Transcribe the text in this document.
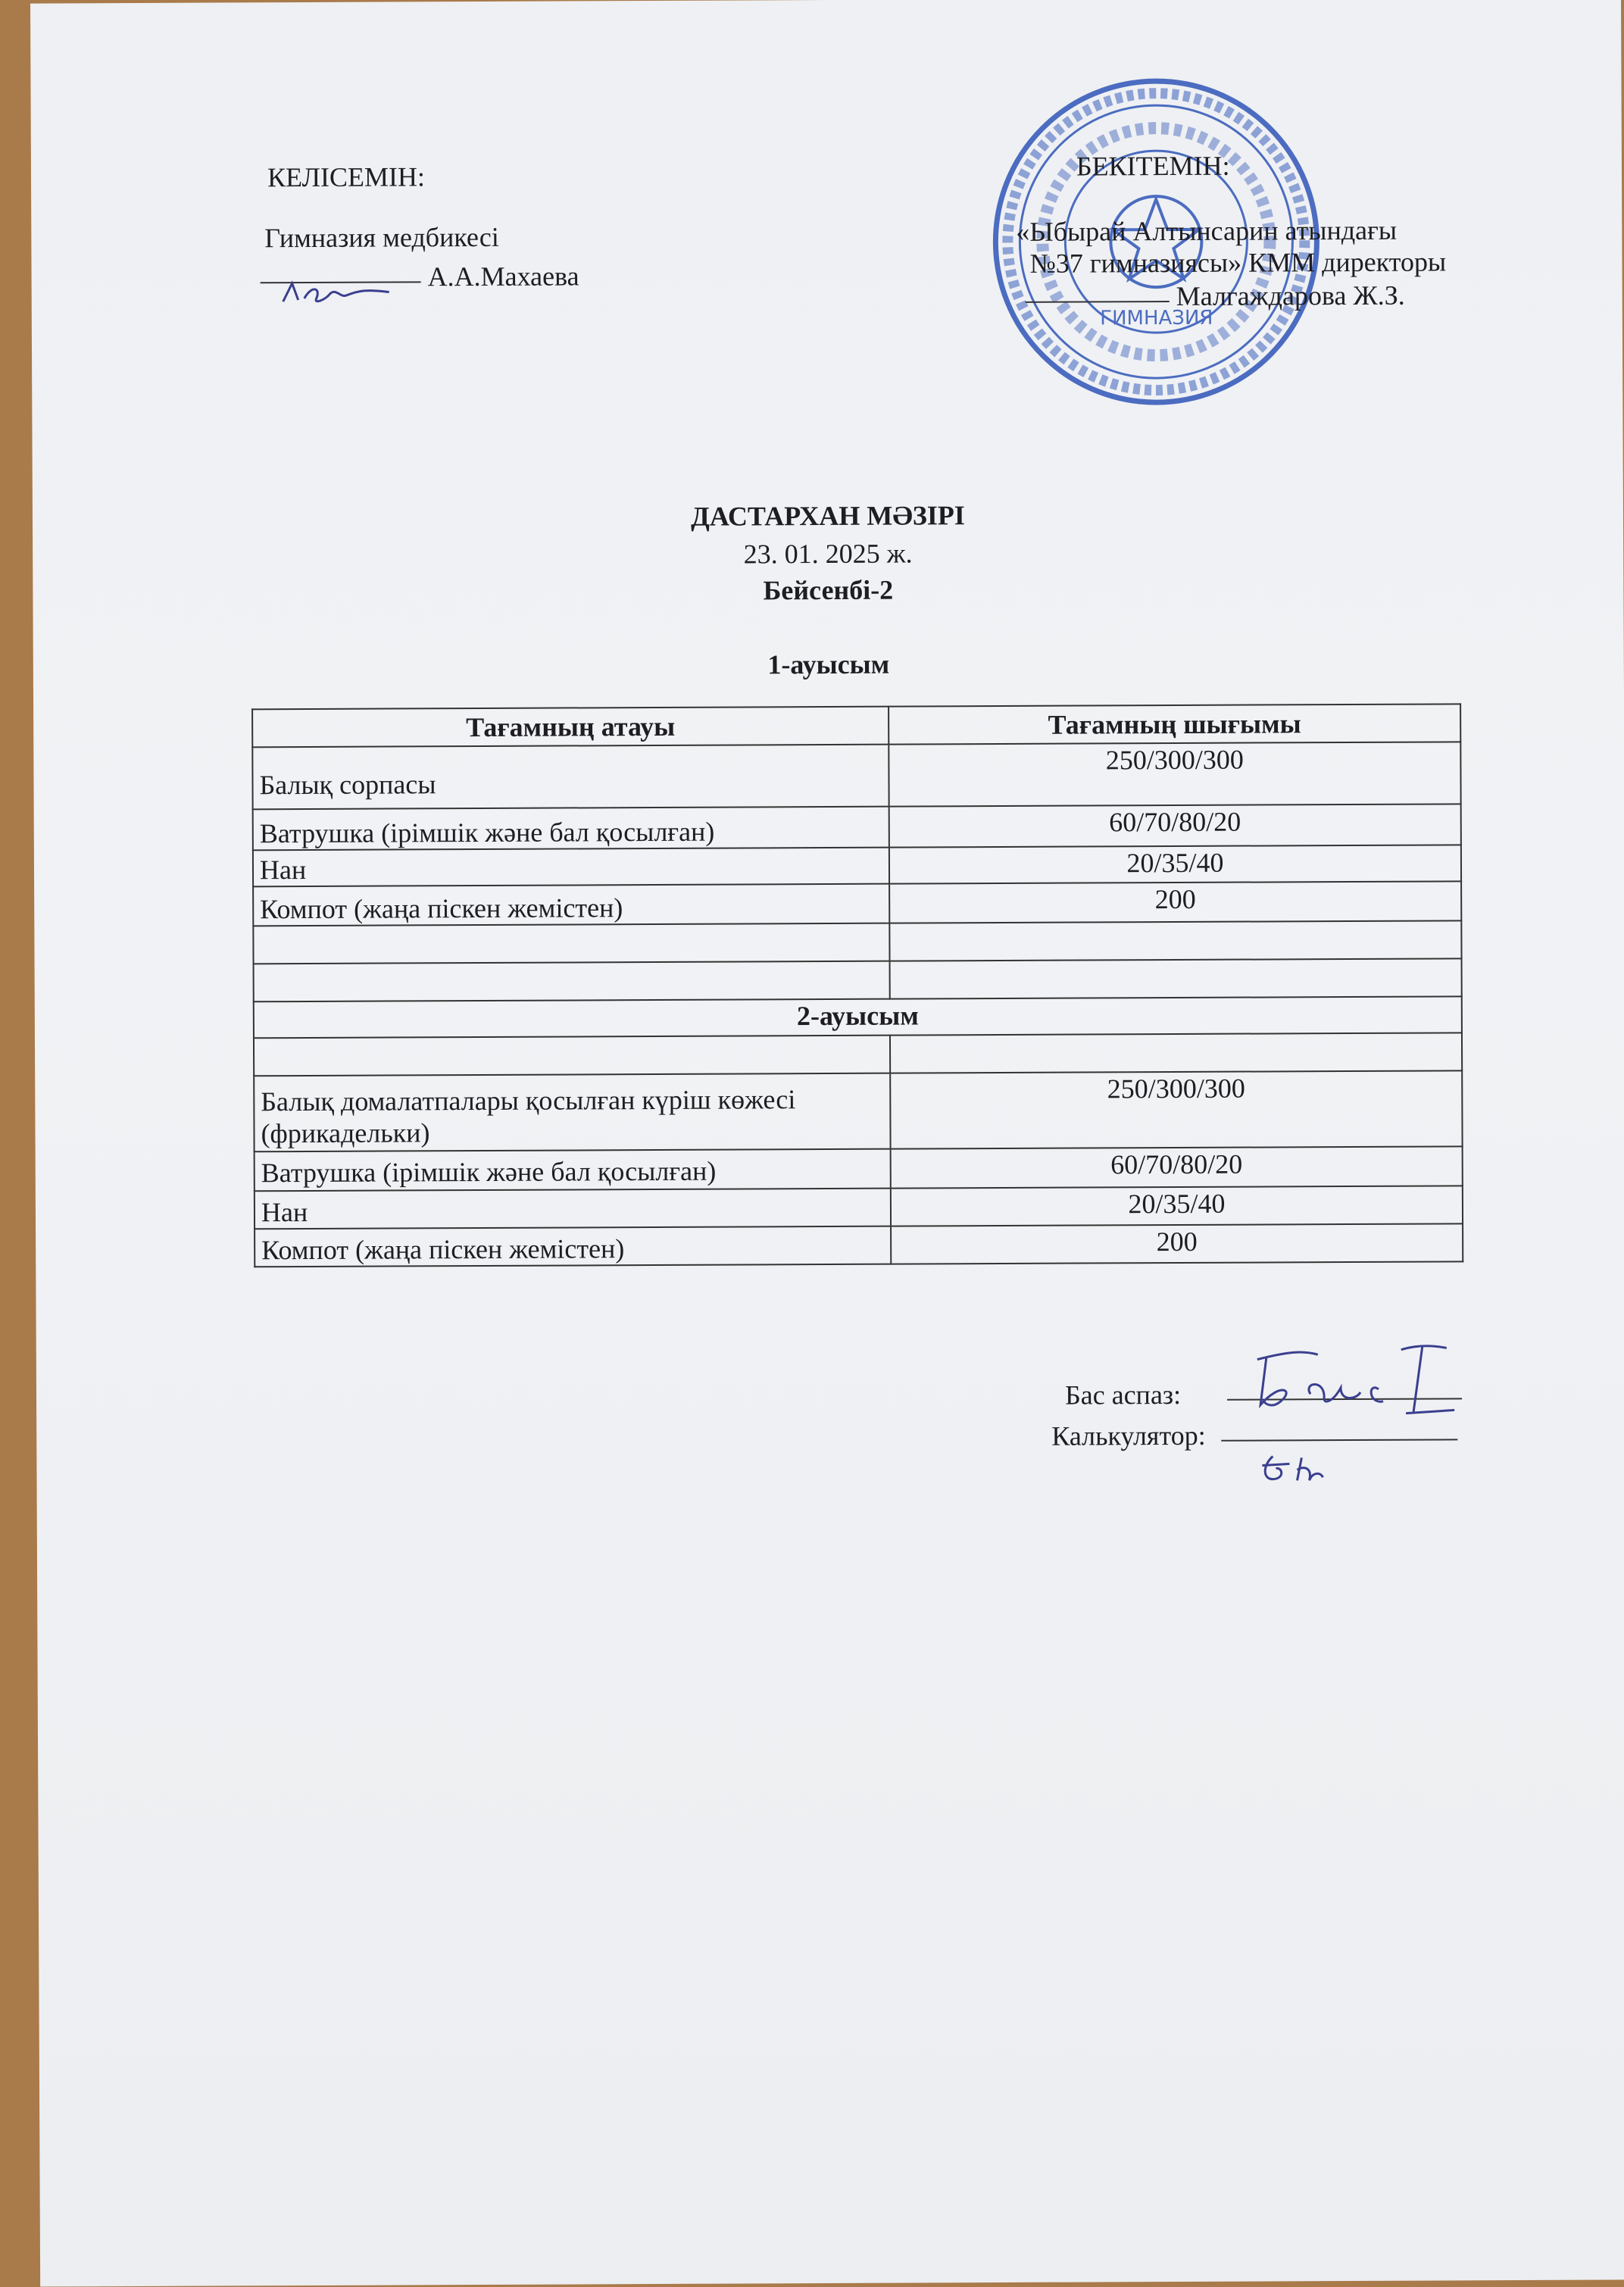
КЕЛІСЕМІН:
Гимназия медбикесі
А.А.Махаева
ГИМНАЗИЯ
БЕКІТЕМІН:
«Ыбырай Алтынсарин атындағы
№37 гимназиясы» КММ директоры
Малгаждарова Ж.З.
ДАСТАРХАН МӘЗІРІ
23. 01. 2025 ж.
Бейсенбі-2
1-ауысым
Тағамның атауы	Тағамның шығымы
Балық сорпасы	250/300/300
Ватрушка (ірімшік және бал қосылған)	60/70/80/20
Нан	20/35/40
Компот (жаңа піскен жемістен)	200

2-ауысым	

Балық домалатпалары қосылған күріш көжесі (фрикадельки)	250/300/300
Ватрушка (ірімшік және бал қосылған)	60/70/80/20
Нан	20/35/40
Компот (жаңа піскен жемістен)	200
Бас аспаз:
Калькулятор:
